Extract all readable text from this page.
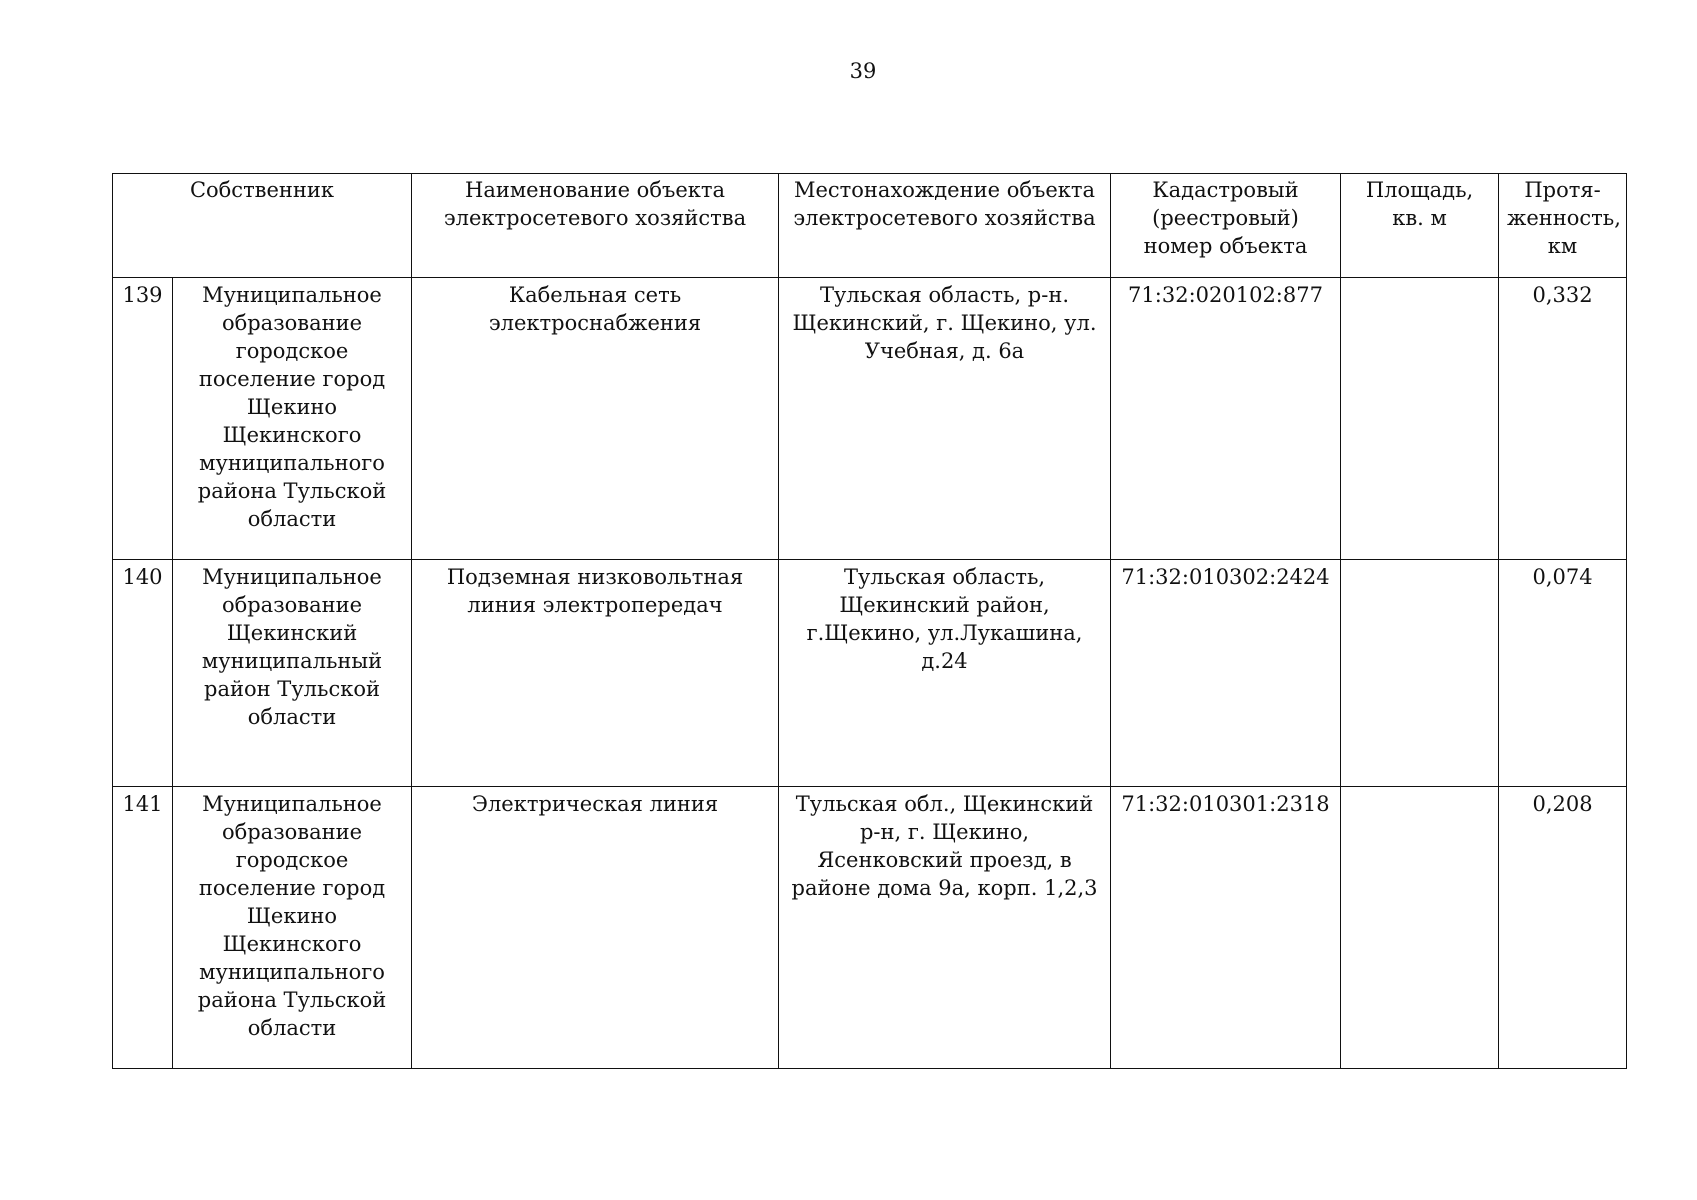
39
Собственник		Наименование объекта электросетевого хозяйства	Местонахождение объекта электросетевого хозяйства	Кадастровый (реестровый) номер объекта	Площадь, кв. м	Протя-
женность, км
139	Муниципальное образование городское поселение город Щекино Щекинского муниципального района Тульской области	Кабельная сеть электроснабжения	Тульская область, р-н. Щекинский, г. Щекино, ул. Учебная, д. 6а	71:32:020102:877		0,332
140	Муниципальное образование Щекинский муниципальный район Тульской области	Подземная низковольтная линия электропередач	Тульская область, Щекинский район, г.Щекино, ул.Лукашина, д.24	71:32:010302:2424		0,074
141	Муниципальное образование городское поселение город Щекино Щекинского муниципального района Тульской области	Электрическая линия	Тульская обл., Щекинский р-н, г. Щекино, Ясенковский проезд, в районе дома 9а, корп. 1,2,3	71:32:010301:2318		0,208
